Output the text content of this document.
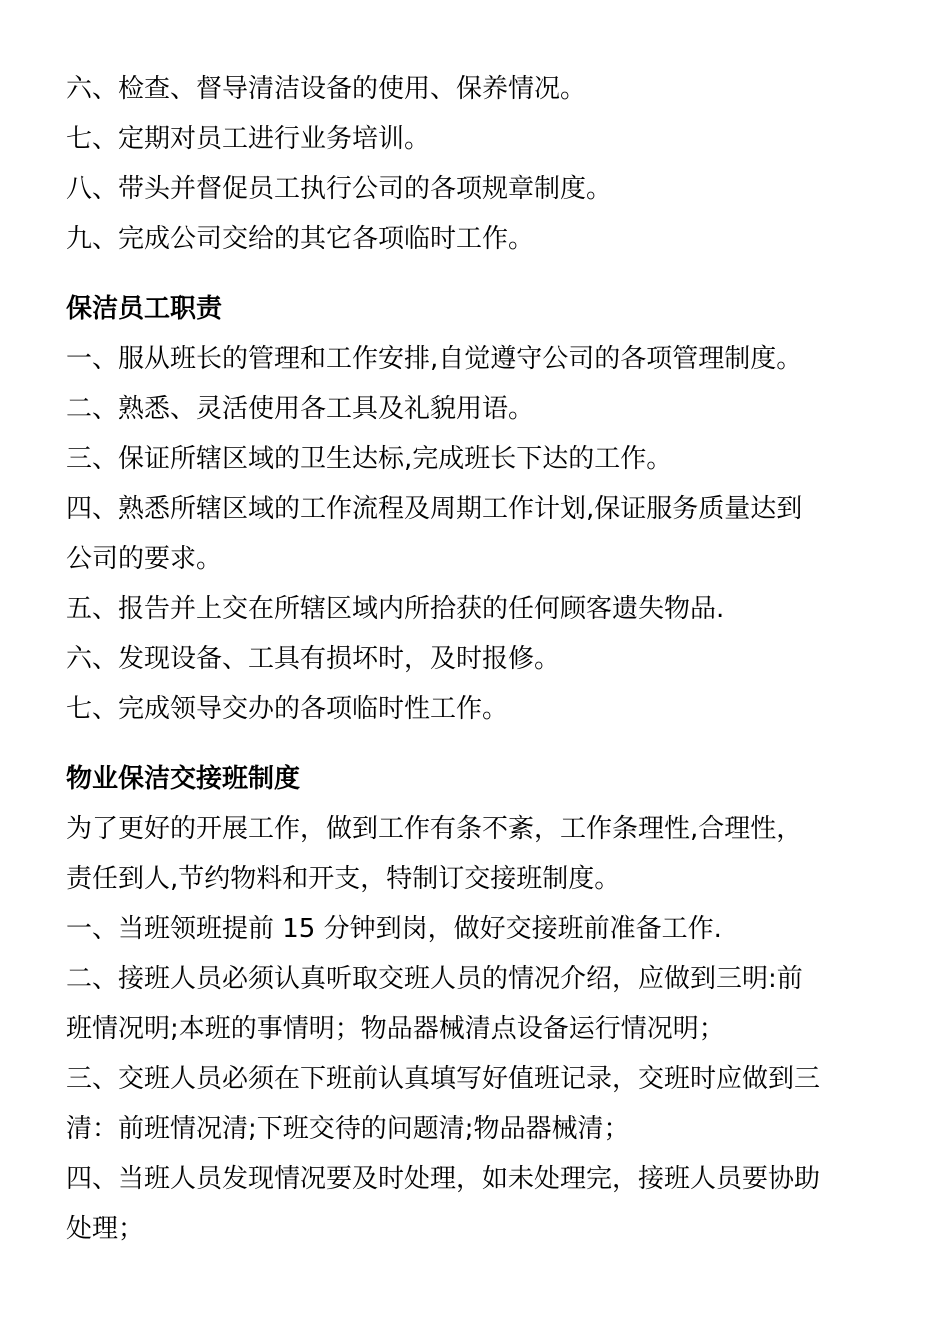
六、检查、督导清洁设备的使用、保养情况。

七、定期对员工进行业务培训。

八、带头并督促员工执行公司的各项规章制度。

九、完成公司交给的其它各项临时工作。

保洁员工职责

一、服从班长的管理和工作安排,自觉遵守公司的各项管理制度。

二、熟悉、灵活使用各工具及礼貌用语。

三、保证所辖区域的卫生达标,完成班长下达的工作。

四、熟悉所辖区域的工作流程及周期工作计划,保证服务质量达到

公司的要求。

五、报告并上交在所辖区域内所拾获的任何顾客遗失物品.

六、发现设备、工具有损坏时，及时报修。

七、完成领导交办的各项临时性工作。

物业保洁交接班制度

为了更好的开展工作，做到工作有条不紊，工作条理性,合理性，

责任到人,节约物料和开支，特制订交接班制度。

一、当班领班提前 15 分钟到岗，做好交接班前准备工作.

二、接班人员必须认真听取交班人员的情况介绍，应做到三明:前

班情况明;本班的事情明；物品器械清点设备运行情况明；

三、交班人员必须在下班前认真填写好值班记录，交班时应做到三

清：前班情况清;下班交待的问题清;物品器械清；

四、当班人员发现情况要及时处理，如未处理完，接班人员要协助

处理；
